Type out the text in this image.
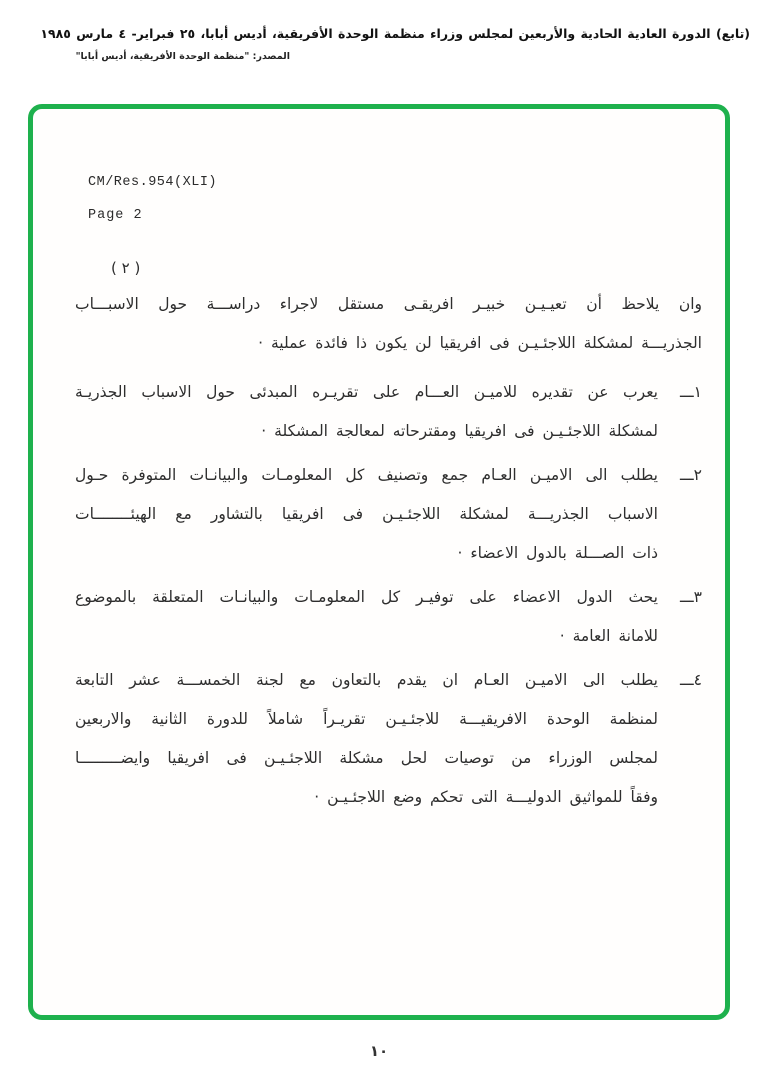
(تابع) الدورة العادية الحادية والأربعين لمجلس وزراء منظمة الوحدة الأفريقية، أديس أبابا، ٢٥ فبراير- ٤ مارس ١٩٨٥
المصدر: "منظمة الوحدة الأفريقية، أديس أبابا"
CM/Res.954(XLI)
Page 2
( ٢ )
وان يلاحظ أن تعيـيـن خبيـر افريقـى مستقل لاجراء دراســـة حول الاسبـــاب
الجذريـــة لمشكلة اللاجئـيـن فى افريقيا لن يكون ذا فائدة عملية ·
١ـــ
يعرب عن تقديره للاميـن العـــام على تقريـره المبدئى حول الاسباب الجذريـة
لمشكلة اللاجئـيـن فى افريقيا ومقترحاته لمعالجة المشكلة ·
٢ـــ
يطلب الى الاميـن العـام جمع وتصنيف كل المعلومـات والبيانـات المتوفرة حـول
الاسباب الجذريـــة لمشكلة اللاجئـيـن فى افريقيا بالتشاور مع الهيئــــــــات
ذات الصـــلة بالدول الاعضاء ·
٣ـــ
يحث الدول الاعضاء على توفيـر كل المعلومـات والبيانـات المتعلقة بالموضوع
للامانة العامة ·
٤ـــ
يطلب الى الاميـن العـام ان يقدم بالتعاون مع لجنة الخمســـة عشر التابعة
لمنظمة الوحدة الافريقيـــة للاجئـيـن تقريـراً شاملاً للدورة الثانية والاربعين
لمجلس الوزراء من توصيات لحل مشكلة اللاجئـيـن فى افريقيا وايضـــــــــا
وفقاً للمواثيق الدوليـــة التى تحكم وضع اللاجئـيـن ·
١٠
